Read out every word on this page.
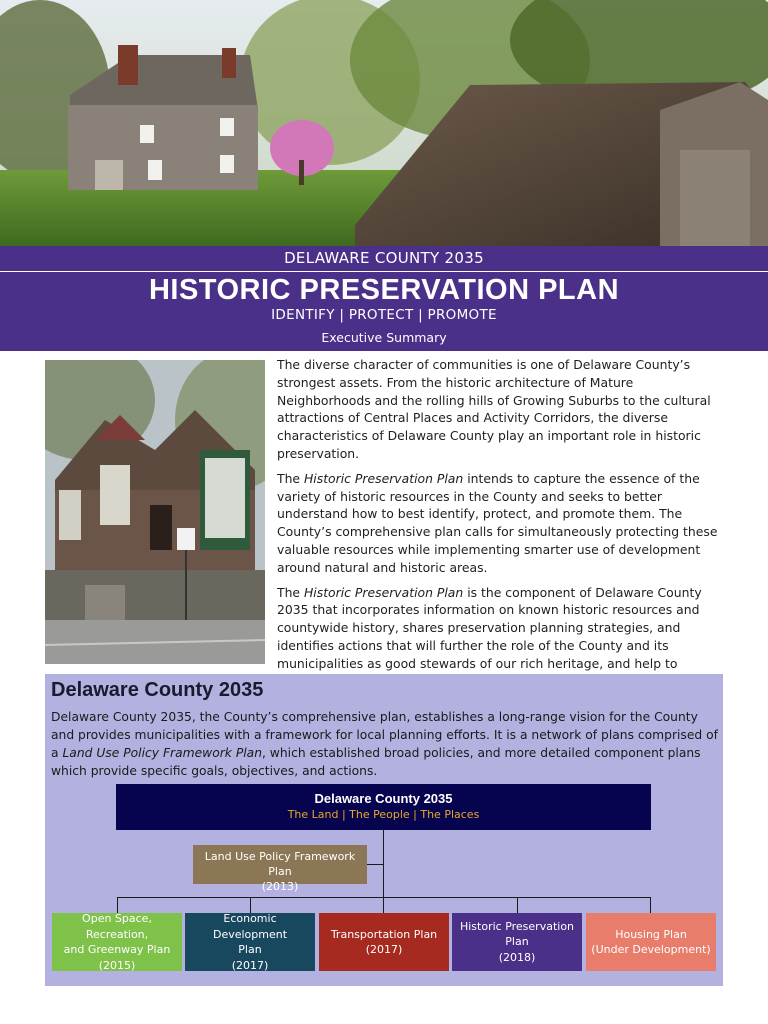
DELAWARE COUNTY 2035
HISTORIC PRESERVATION PLAN
IDENTIFY | PROTECT | PROMOTE
Executive Summary

The diverse character of communities is one of Delaware County’s strongest assets. From the historic architecture of Mature Neighborhoods and the rolling hills of Growing Suburbs to the cultural attractions of Central Places and Activity Corridors, the diverse characteristics of Delaware County play an important role in historic preservation.

The Historic Preservation Plan intends to capture the essence of the variety of historic resources in the County and seeks to better understand how to best identify, protect, and promote them. The County’s comprehensive plan calls for simultaneously protecting these valuable resources while implementing smarter use of development around natural and historic areas.

The Historic Preservation Plan is the component of Delaware County 2035 that incorporates information on known historic resources and countywide history, shares preservation planning strategies, and identifies actions that will further the role of the County and its municipalities as good stewards of our rich heritage, and help to

Delaware County 2035
Delaware County 2035, the County’s comprehensive plan, establishes a long-range vision for the County and provides municipalities with a framework for local planning efforts. It is a network of plans comprised of a Land Use Policy Framework Plan, which established broad policies, and more detailed component plans which provide specific goals, objectives, and actions.
Delaware County 2035
The Land | The People | The Places
Land Use Policy Framework Plan
(2013)
Open Space, Recreation,
and Greenway Plan
(2015)
Economic Development
Plan
(2017)
Transportation Plan
(2017)
Historic Preservation
Plan
(2018)
Housing Plan
(Under Development)
